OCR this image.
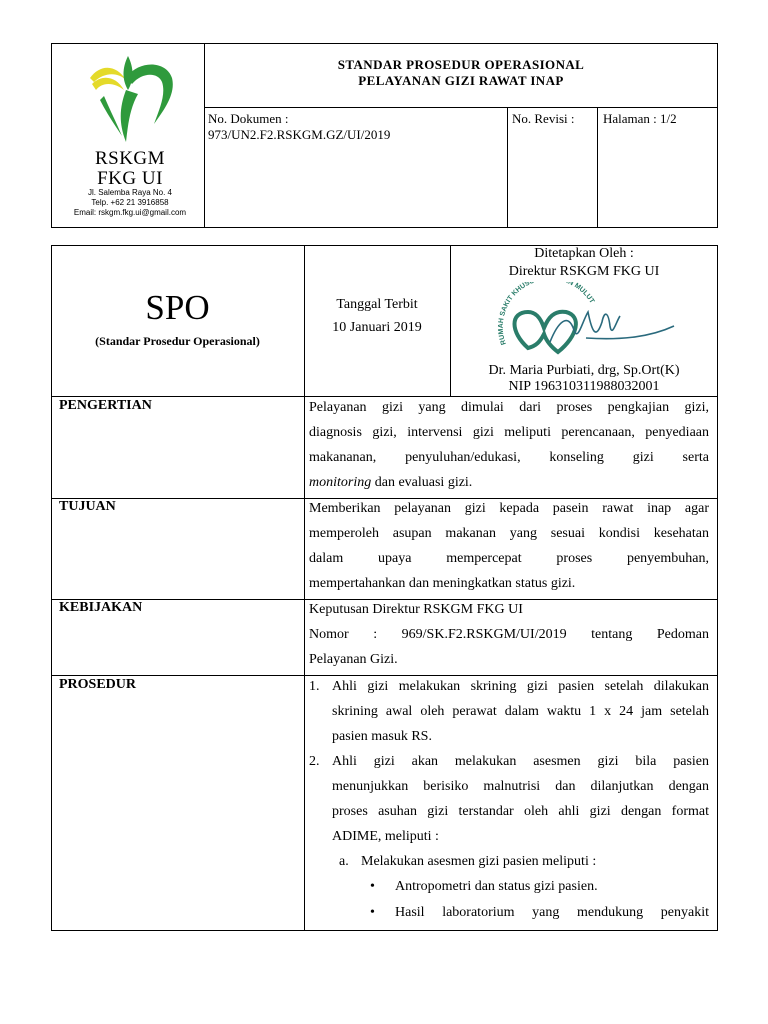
RSKGM
FKG UI
Jl. Salemba Raya No. 4
Telp. +62 21 3916858
Email: rskgm.fkg.ui@gmail.com
STANDAR PROSEDUR OPERASIONAL
PELAYANAN GIZI RAWAT INAP
No. Dokumen :
973/UN2.F2.RSKGM.GZ/UI/2019
No. Revisi : Halaman : 1/2
SPO
(Standar Prosedur Operasional)
Tanggal Terbit
10 Januari 2019
Ditetapkan Oleh :
Direktur RSKGM FKG UI
RUMAH SAKIT KHUS N MULUT
Dr. Maria Purbiati, drg, Sp.Ort(K)
NIP 196310311988032001
PENGERTIAN	Pelayanan gizi yang dimulai dari proses pengkajian gizi,
diagnosis gizi, intervensi gizi meliputi perencanaan, penyediaan
makananan, penyuluhan/edukasi, konseling gizi serta
monitoring dan evaluasi gizi.
TUJUAN	Memberikan pelayanan gizi kepada pasein rawat inap agar
memperoleh asupan makanan yang sesuai kondisi kesehatan
dalam upaya mempercepat proses penyembuhan,
mempertahankan dan meningkatkan status gizi.
KEBIJAKAN	Keputusan Direktur RSKGM FKG UI
Nomor : 969/SK.F2.RSKGM/UI/2019 tentang Pedoman
Pelayanan Gizi.
PROSEDUR	1. Ahli gizi melakukan skrining gizi pasien setelah dilakukan
skrining awal oleh perawat dalam waktu 1 x 24 jam setelah
pasien masuk RS.
2. Ahli gizi akan melakukan asesmen gizi bila pasien
menunjukkan berisiko malnutrisi dan dilanjutkan dengan
proses asuhan gizi terstandar oleh ahli gizi dengan format
ADIME, meliputi :
a. Melakukan asesmen gizi pasien meliputi :
• Antropometri dan status gizi pasien.
• Hasil laboratorium yang mendukung penyakit
